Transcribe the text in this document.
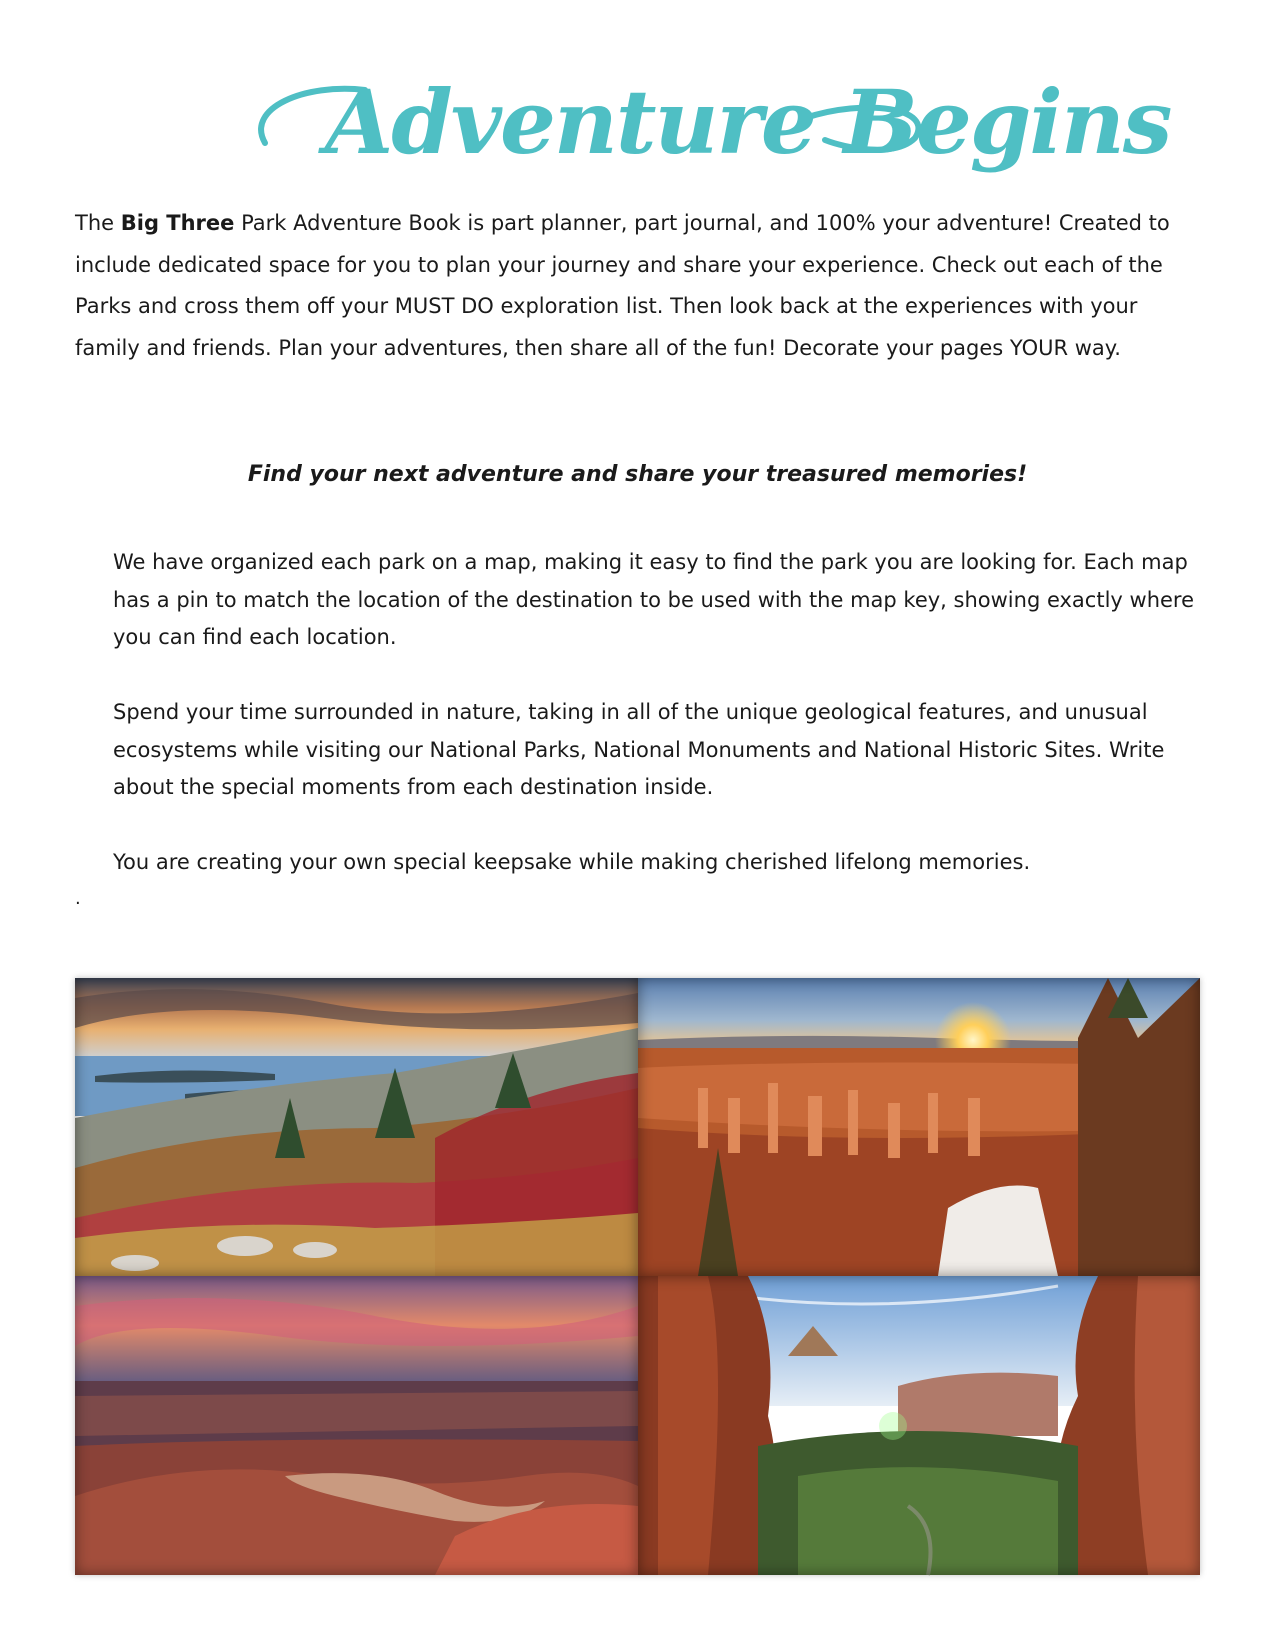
Adventure Begins

The Big Three Park Adventure Book is part planner, part journal, and 100% your adventure! Created to include dedicated space for you to plan your journey and share your experience. Check out each of the Parks and cross them off your MUST DO exploration list. Then look back at the experiences with your family and friends. Plan your adventures, then share all of the fun! Decorate your pages YOUR way.

Find your next adventure and share your treasured memories!

We have organized each park on a map, making it easy to find the park you are looking for. Each map has a pin to match the location of the destination to be used with the map key, showing exactly where you can find each location.

Spend your time surrounded in nature, taking in all of the unique geological features, and unusual ecosystems while visiting our National Parks, National Monuments and National Historic Sites. Write about the special moments from each destination inside.

You are creating your own special keepsake while making cherished lifelong memories.

.
